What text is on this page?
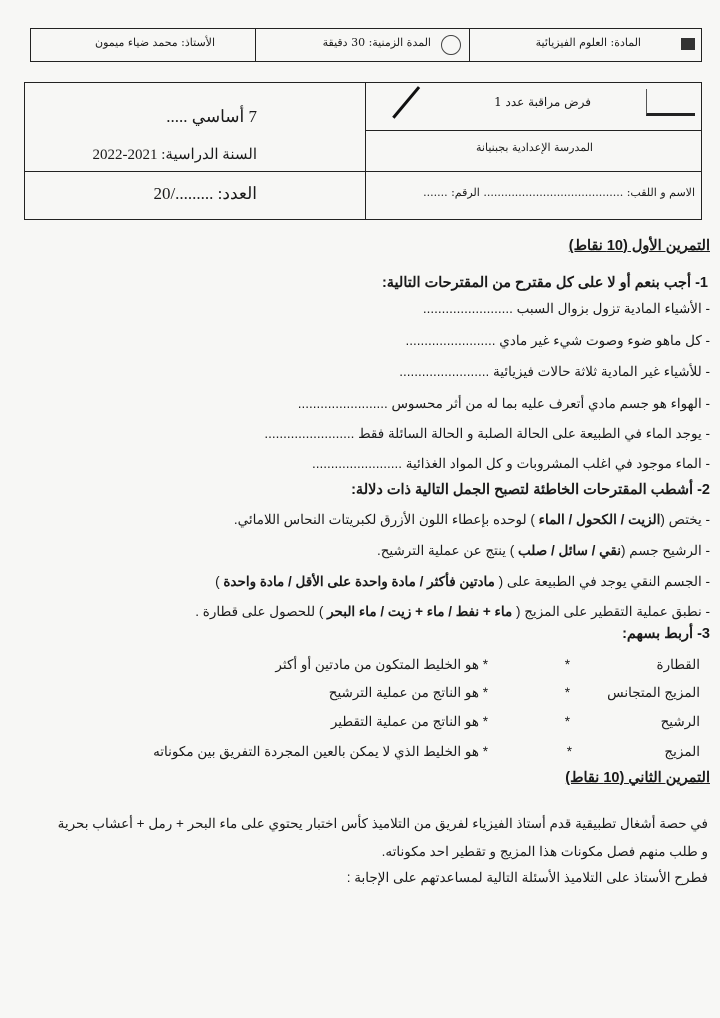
المادة: العلوم الفيزيائية
المدة الزمنية: 30 دقيقة
الأستاذ: محمد ضياء ميمون
فرض مراقبة عدد 1
المدرسة الإعدادية بجبنيانة
الاسم و اللقب: ........................................ الرقم: .......
7 أساسي .....
السنة الدراسية: 2021-2022
العدد: ........./20
التمرين الأول (10 نقاط)
1- أجب بنعم أو لا على كل مقترح من المقترحات التالية:
- الأشياء المادية تزول بزوال السبب ........................
- كل ماهو ضوء وصوت شيء غير مادي ........................
- للأشياء غير المادية ثلاثة حالات فيزيائية ........................
- الهواء هو جسم مادي أتعرف عليه بما له من أثر محسوس ........................
- يوجد الماء في الطبيعة على الحالة الصلبة و الحالة السائلة فقط ........................
- الماء موجود في اغلب المشروبات و كل المواد الغذائية ........................
2- أشطب المقترحات الخاطئة لتصبح الجمل التالية ذات دلالة:
- يختص (الزيت / الكحول / الماء ) لوحده بإعطاء اللون الأزرق لكبريتات النحاس اللامائي.
- الرشيح جسم (نقي / سائل / صلب ) ينتج عن عملية الترشيح.
- الجسم النقي يوجد في الطبيعة على ( مادتين فأكثر / مادة واحدة على الأقل / مادة واحدة )
- نطبق عملية التقطير على المزيج ( ماء + نفط / ماء + زيت / ماء البحر ) للحصول على قطارة .
3- أربط بسهم:
القطارة
المزيج المتجانس
الرشيح
المزيج
*
*
*
*
* هو الخليط المتكون من مادتين أو أكثر
* هو الناتج من عملية الترشيح
* هو الناتج من عملية التقطير
* هو الخليط الذي لا يمكن بالعين المجردة التفريق بين مكوناته
التمرين الثاني (10 نقاط)
في حصة أشغال تطبيقية قدم أستاذ الفيزياء لفريق من التلاميذ كأس اختبار يحتوي على ماء البحر + رمل + أعشاب بحرية
و طلب منهم فصل مكونات هذا المزيج و تقطير احد مكوناته.
فطرح الأستاذ على التلاميذ الأسئلة التالية لمساعدتهم على الإجابة :
